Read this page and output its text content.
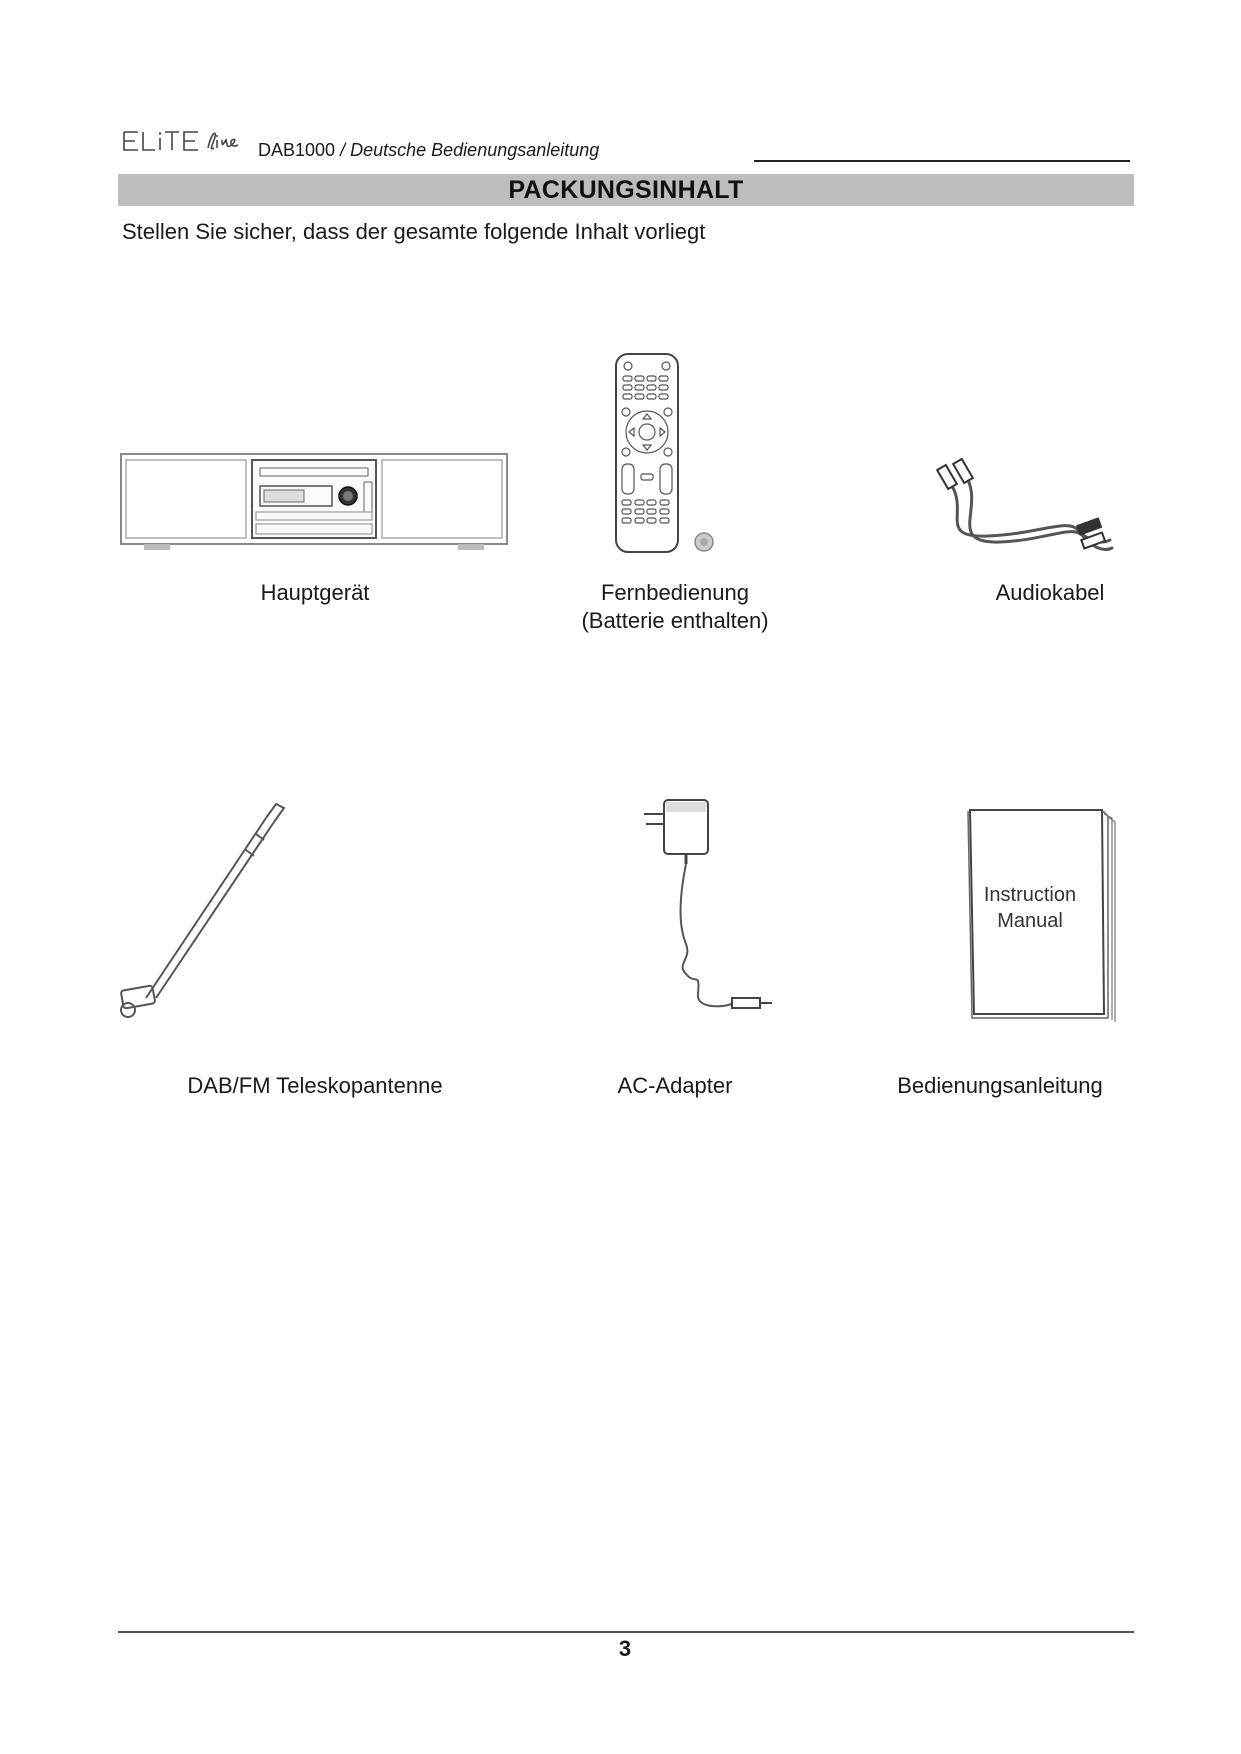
DAB1000 / Deutsche Bedienungsanleitung
PACKUNGSINHALT
Stellen Sie sicher, dass der gesamte folgende Inhalt vorliegt
Hauptgerät	Fernbedienung
(Batterie enthalten)
Audiokabel
DAB/FM Teleskopantenne	AC-Adapter
Instruction
Manual
Bedienungsanleitung
3
